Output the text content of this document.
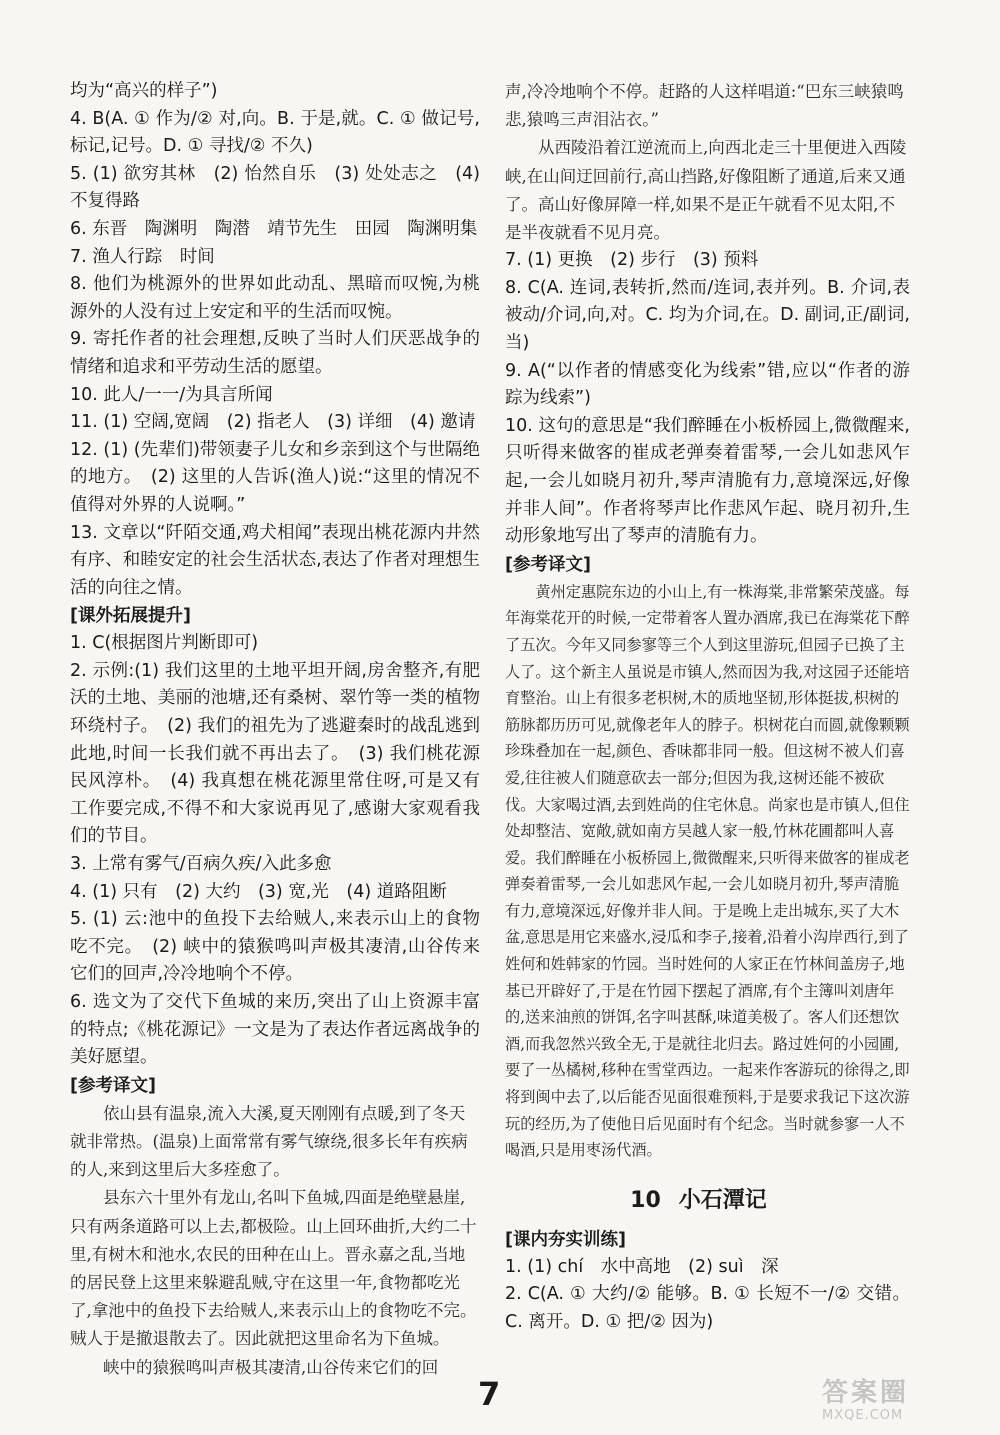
均为“高兴的样子”)

4. B(A. ① 作为/② 对,向。B. 于是,就。C. ① 做记号,标记,记号。D. ① 寻找/② 不久)

5. (1) 欲穷其林　(2) 怡然自乐　(3) 处处志之　(4) 不复得路

6. 东晋　陶渊明　陶潜　靖节先生　田园　陶渊明集

7. 渔人行踪　时间

8. 他们为桃源外的世界如此动乱、黑暗而叹惋,为桃源外的人没有过上安定和平的生活而叹惋。

9. 寄托作者的社会理想,反映了当时人们厌恶战争的情绪和追求和平劳动生活的愿望。

10. 此人/一一/为具言所闻

11. (1) 空阔,宽阔　(2) 指老人　(3) 详细　(4) 邀请

12. (1) (先辈们)带领妻子儿女和乡亲到这个与世隔绝的地方。　(2) 这里的人告诉(渔人)说:“这里的情况不值得对外界的人说啊。”

13. 文章以“阡陌交通,鸡犬相闻”表现出桃花源内井然有序、和睦安定的社会生活状态,表达了作者对理想生活的向往之情。

[课外拓展提升]

1. C(根据图片判断即可)

2. 示例:(1) 我们这里的土地平坦开阔,房舍整齐,有肥沃的土地、美丽的池塘,还有桑树、翠竹等一类的植物环绕村子。　(2) 我们的祖先为了逃避秦时的战乱逃到此地,时间一长我们就不再出去了。　(3) 我们桃花源民风淳朴。　(4) 我真想在桃花源里常住呀,可是又有工作要完成,不得不和大家说再见了,感谢大家观看我们的节目。

3. 上常有雾气/百病久疾/入此多愈

4. (1) 只有　(2) 大约　(3) 宽,光　(4) 道路阻断

5. (1) 云:池中的鱼投下去给贼人,来表示山上的食物吃不完。　(2) 峡中的猿猴鸣叫声极其凄清,山谷传来它们的回声,冷冷地响个不停。

6. 选文为了交代下鱼城的来历,突出了山上资源丰富的特点;《桃花源记》一文是为了表达作者远离战争的美好愿望。

[参考译文]

依山县有温泉,流入大溪,夏天刚刚有点暖,到了冬天就非常热。(温泉)上面常常有雾气缭绕,很多长年有疾病的人,来到这里后大多痊愈了。

县东六十里外有龙山,名叫下鱼城,四面是绝壁悬崖,只有两条道路可以上去,都极险。山上回环曲折,大约二十里,有树木和池水,农民的田种在山上。晋永嘉之乱,当地的居民登上这里来躲避乱贼,守在这里一年,食物都吃光了,拿池中的鱼投下去给贼人,来表示山上的食物吃不完。贼人于是撤退散去了。因此就把这里命名为下鱼城。

峡中的猿猴鸣叫声极其凄清,山谷传来它们的回

声,冷冷地响个不停。赶路的人这样唱道:“巴东三峡猿鸣悲,猿鸣三声泪沾衣。”

从西陵沿着江逆流而上,向西北走三十里便进入西陵峡,在山间迂回前行,高山挡路,好像阻断了通道,后来又通了。高山好像屏障一样,如果不是正午就看不见太阳,不是半夜就看不见月亮。

7. (1) 更换　(2) 步行　(3) 预料

8. C(A. 连词,表转折,然而/连词,表并列。B. 介词,表被动/介词,向,对。C. 均为介词,在。D. 副词,正/副词,当)

9. A(“以作者的情感变化为线索”错,应以“作者的游踪为线索”)

10. 这句的意思是“我们醉睡在小板桥园上,微微醒来,只听得来做客的崔成老弹奏着雷琴,一会儿如悲风乍起,一会儿如晓月初升,琴声清脆有力,意境深远,好像并非人间”。作者将琴声比作悲风乍起、晓月初升,生动形象地写出了琴声的清脆有力。

[参考译文]

黄州定惠院东边的小山上,有一株海棠,非常繁荣茂盛。每年海棠花开的时候,一定带着客人置办酒席,我已在海棠花下醉了五次。今年又同参寥等三个人到这里游玩,但园子已换了主人了。这个新主人虽说是市镇人,然而因为我,对这园子还能培育整治。山上有很多老枳树,木的质地坚韧,形体挺拔,枳树的筋脉都历历可见,就像老年人的脖子。枳树花白而圆,就像颗颗珍珠叠加在一起,颜色、香味都非同一般。但这树不被人们喜爱,往往被人们随意砍去一部分;但因为我,这树还能不被砍伐。大家喝过酒,去到姓尚的住宅休息。尚家也是市镇人,但住处却整洁、宽敞,就如南方吴越人家一般,竹林花圃都叫人喜爱。我们醉睡在小板桥园上,微微醒来,只听得来做客的崔成老弹奏着雷琴,一会儿如悲风乍起,一会儿如晓月初升,琴声清脆有力,意境深远,好像并非人间。于是晚上走出城东,买了大木盆,意思是用它来盛水,浸瓜和李子,接着,沿着小沟岸西行,到了姓何和姓韩家的竹园。当时姓何的人家正在竹林间盖房子,地基已开辟好了,于是在竹园下摆起了酒席,有个主簿叫刘唐年的,送来油煎的饼饵,名字叫甚酥,味道美极了。客人们还想饮酒,而我忽然兴致全无,于是就往北归去。路过姓何的小园圃,要了一丛橘树,移种在雪堂西边。一起来作客游玩的徐得之,即将到闽中去了,以后能否见面很难预料,于是要求我记下这次游玩的经历,为了使他日后见面时有个纪念。当时就参寥一人不喝酒,只是用枣汤代酒。

10 小石潭记

[课内夯实训练]

1. (1) chí　水中高地　(2) suì　深

2. C(A. ① 大约/② 能够。B. ① 长短不一/② 交错。C. 离开。D. ① 把/② 因为)

7	答案圈
MXQE.COM
